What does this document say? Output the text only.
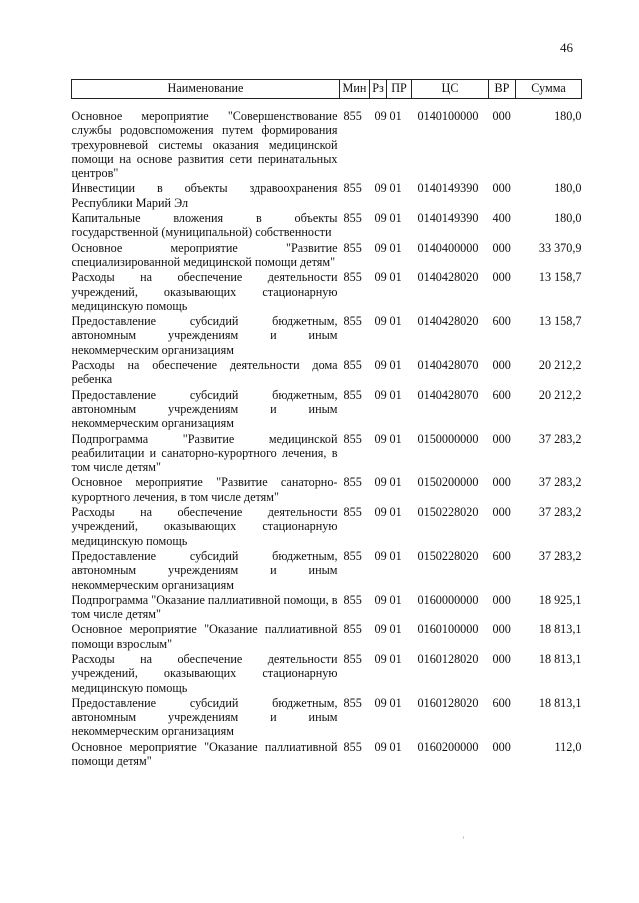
46
Наименование	Мин	Рз	ПР	ЦС	ВР	Сумма

Основное мероприятие "Совершенствование службы родовспоможения путем формирования трехуровневой системы оказания медицинской помощи на основе развития сети перинатальных центров"	855	09	01	0140100000	000	180,0
Инвестиции в объекты здравоохранения Республики Марий Эл	855	09	01	0140149390	000	180,0
Капитальные вложения в объекты государственной (муниципальной) собственности	855	09	01	0140149390	400	180,0
Основное мероприятие "Развитие специализированной медицинской помощи детям"	855	09	01	0140400000	000	33 370,9
Расходы на обеспечение деятельности учреждений, оказывающих стационарную медицинскую помощь	855	09	01	0140428020	000	13 158,7
Предоставление субсидий бюджетным, автономным учреждениям и иным некоммерческим организациям	855	09	01	0140428020	600	13 158,7
Расходы на обеспечение деятельности дома ребенка	855	09	01	0140428070	000	20 212,2
Предоставление субсидий бюджетным, автономным учреждениям и иным некоммерческим организациям	855	09	01	0140428070	600	20 212,2
Подпрограмма "Развитие медицинской реабилитации и санаторно-курортного лечения, в том числе детям"	855	09	01	0150000000	000	37 283,2
Основное мероприятие "Развитие санаторно-курортного лечения, в том числе детям"	855	09	01	0150200000	000	37 283,2
Расходы на обеспечение деятельности учреждений, оказывающих стационарную медицинскую помощь	855	09	01	0150228020	000	37 283,2
Предоставление субсидий бюджетным, автономным учреждениям и иным некоммерческим организациям	855	09	01	0150228020	600	37 283,2
Подпрограмма "Оказание паллиативной помощи, в том числе детям"	855	09	01	0160000000	000	18 925,1
Основное мероприятие "Оказание паллиативной помощи взрослым"	855	09	01	0160100000	000	18 813,1
Расходы на обеспечение деятельности учреждений, оказывающих стационарную медицинскую помощь	855	09	01	0160128020	000	18 813,1
Предоставление субсидий бюджетным, автономным учреждениям и иным некоммерческим организациям	855	09	01	0160128020	600	18 813,1
Основное мероприятие "Оказание паллиативной помощи детям"	855	09	01	0160200000	000	112,0
